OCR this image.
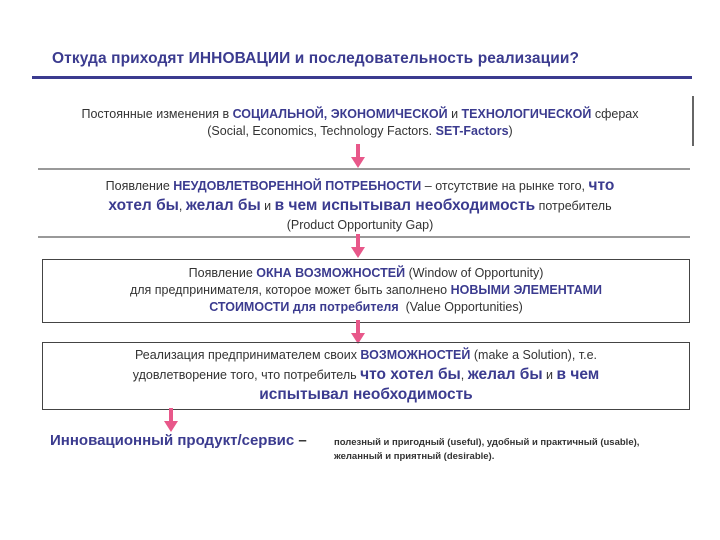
Откуда приходят ИННОВАЦИИ и последовательность реализации?
Постоянные изменения в СОЦИАЛЬНОЙ, ЭКОНОМИЧЕСКОЙ и ТЕХНОЛОГИЧЕСКОЙ сферах
(Social, Economics, Technology Factors. SET-Factors)
Появление НЕУДОВЛЕТВОРЕННОЙ ПОТРЕБНОСТИ – отсутствие на рынке того, что
хотел бы, желал бы и в чем испытывал необходимость потребитель
(Product Opportunity Gap)
Появление ОКНА ВОЗМОЖНОСТЕЙ (Window of Opportunity)
для предпринимателя, которое может быть заполнено НОВЫМИ ЭЛЕМЕНТАМИ
СТОИМОСТИ для потребителя  (Value Opportunities)
Реализация предпринимателем своих ВОЗМОЖНОСТЕЙ (make a Solution), т.е.
удовлетворение того, что потребитель что хотел бы, желал бы и в чем
испытывал необходимость
Инновационный продукт/сервис –	полезный и пригодный (useful), удобный и практичный (usable),
желанный и приятный (desirable).
